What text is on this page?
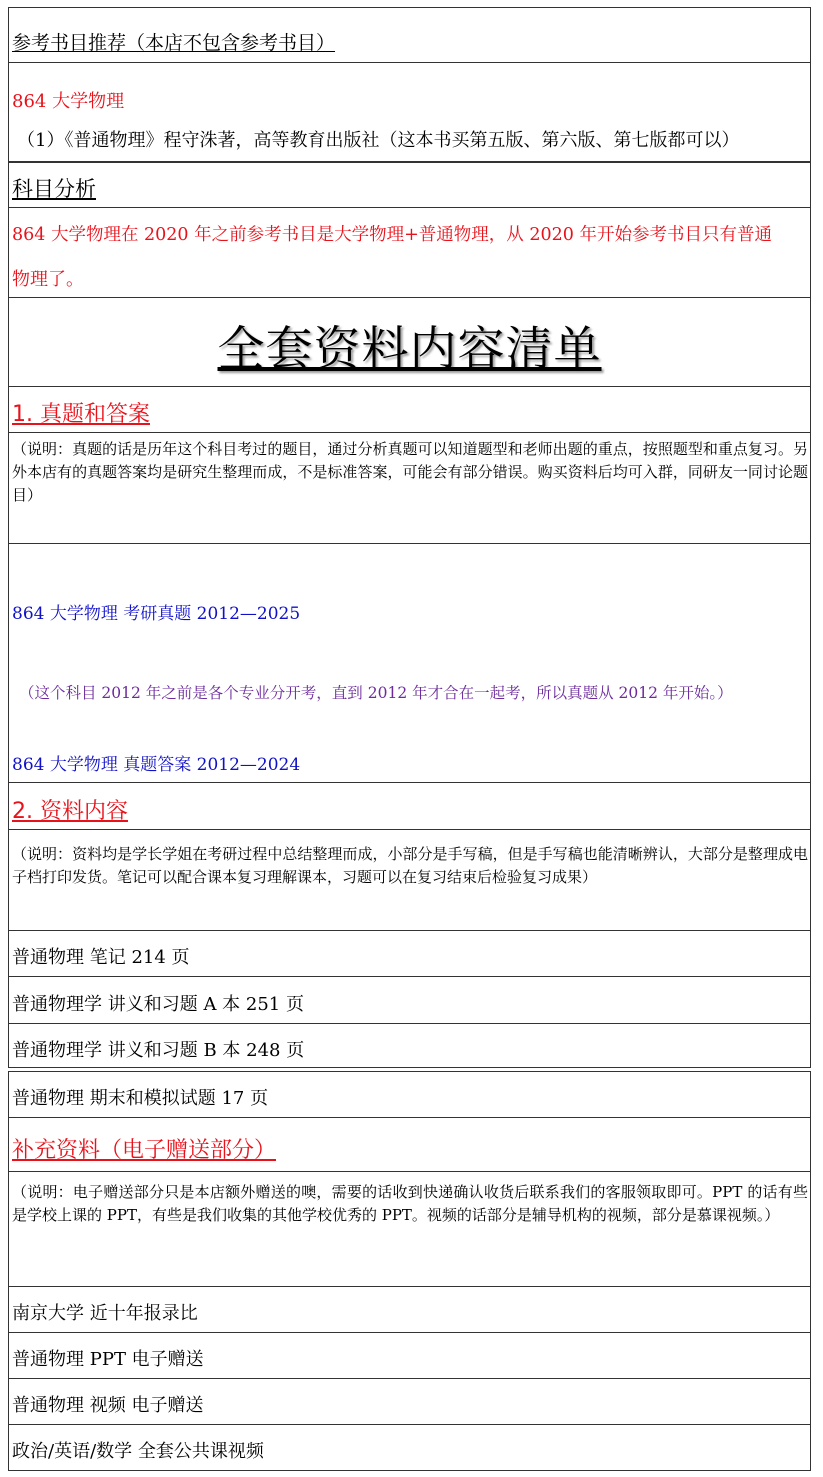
参考书目推荐（本店不包含参考书目）
864 大学物理
（1）《普通物理》程守洙著，高等教育出版社（这本书买第五版、第六版、第七版都可以）
科目分析
864 大学物理在 2020 年之前参考书目是大学物理+普通物理，从 2020 年开始参考书目只有普通
物理了。
全套资料内容清单
1. 真题和答案
（说明：真题的话是历年这个科目考过的题目，通过分析真题可以知道题型和老师出题的重点，按照题型和重点复习。另外本店有的真题答案均是研究生整理而成，不是标准答案，可能会有部分错误。购买资料后均可入群，同研友一同讨论题目）
864 大学物理 考研真题 2012—2025
（这个科目 2012 年之前是各个专业分开考，直到 2012 年才合在一起考，所以真题从 2012 年开始。）
864 大学物理 真题答案 2012—2024
2. 资料内容
（说明：资料均是学长学姐在考研过程中总结整理而成，小部分是手写稿，但是手写稿也能清晰辨认，大部分是整理成电子档打印发货。笔记可以配合课本复习理解课本，习题可以在复习结束后检验复习成果）
普通物理 笔记 214 页
普通物理学 讲义和习题 A 本 251 页
普通物理学 讲义和习题 B 本 248 页
普通物理 期末和模拟试题 17 页
补充资料（电子赠送部分）
（说明：电子赠送部分只是本店额外赠送的噢，需要的话收到快递确认收货后联系我们的客服领取即可。PPT 的话有些是学校上课的 PPT，有些是我们收集的其他学校优秀的 PPT。视频的话部分是辅导机构的视频，部分是慕课视频。）
南京大学 近十年报录比
普通物理 PPT 电子赠送
普通物理 视频 电子赠送
政治/英语/数学 全套公共课视频
